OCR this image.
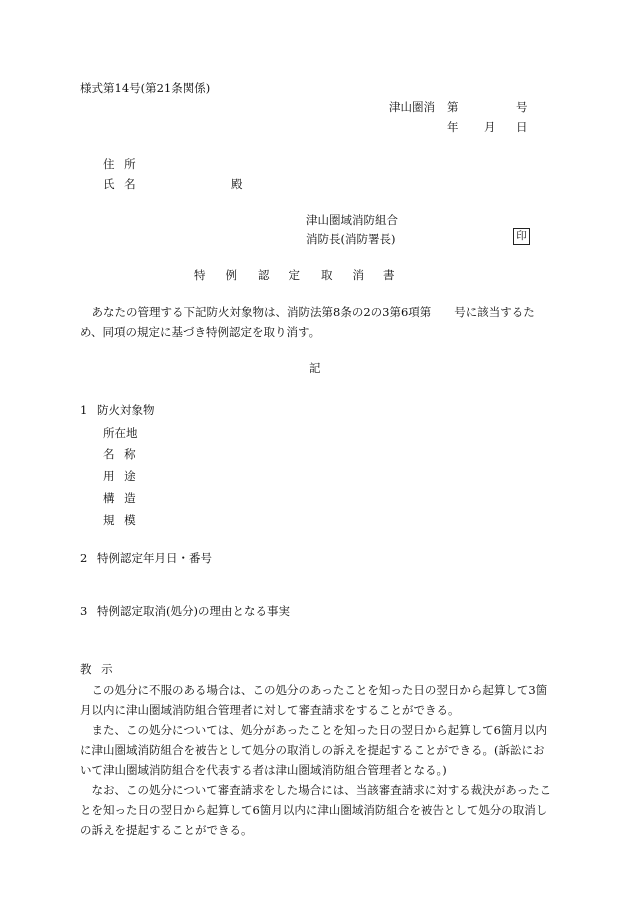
様式第14号(第21条関係)
津山圏消 第	号
年 月 日
住 所
氏 名	殿
津山圏域消防組合
消防長(消防署長)	印
特 例 認 定 取 消 書
あなたの管理する下記防火対象物は、消防法第8条の2の3第6項第　　号に該当するため、同項の規定に基づき特例認定を取り消す。
記
1 防火対象物
所在地
名 称
用 途
構 造
規 模
2 特例認定年月日・番号
3 特例認定取消(処分)の理由となる事実
教 示
この処分に不服のある場合は、この処分のあったことを知った日の翌日から起算して3箇月以内に津山圏域消防組合管理者に対して審査請求をすることができる。
また、この処分については、処分があったことを知った日の翌日から起算して6箇月以内に津山圏域消防組合を被告として処分の取消しの訴えを提起することができる。(訴訟において津山圏域消防組合を代表する者は津山圏域消防組合管理者となる。)
なお、この処分について審査請求をした場合には、当該審査請求に対する裁決があったことを知った日の翌日から起算して6箇月以内に津山圏域消防組合を被告として処分の取消しの訴えを提起することができる。
